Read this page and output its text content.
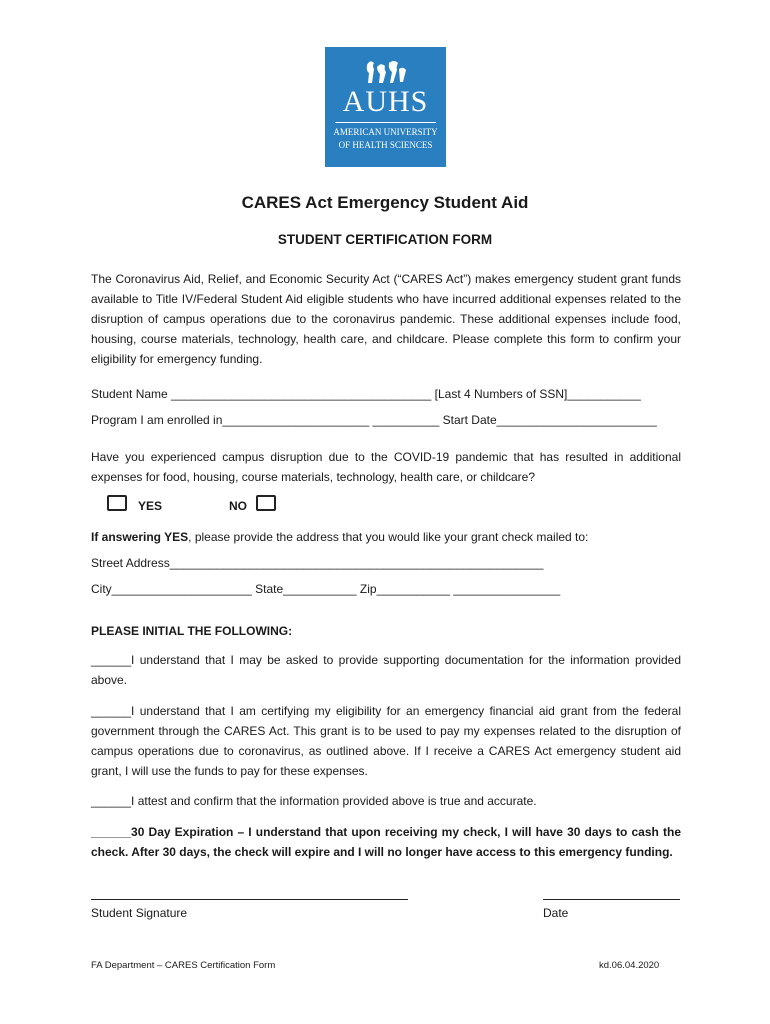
AUHS
AMERICAN UNIVERSITY
OF HEALTH SCIENCES
CARES Act Emergency Student Aid
STUDENT CERTIFICATION FORM
The Coronavirus Aid, Relief, and Economic Security Act (“CARES Act”) makes emergency student grant funds available to Title IV/Federal Student Aid eligible students who have incurred additional expenses related to the disruption of campus operations due to the coronavirus pandemic. These additional expenses include food, housing, course materials, technology, health care, and childcare. Please complete this form to confirm your eligibility for emergency funding.
Student Name _______________________________________ [Last 4 Numbers of SSN]___________
Program I am enrolled in______________________ __________ Start Date________________________
Have you experienced campus disruption due to the COVID-19 pandemic that has resulted in additional expenses for food, housing, course materials, technology, health care, or childcare?
YES	NO
If answering YES, please provide the address that you would like your grant check mailed to:
Street Address________________________________________________________
City_____________________ State___________ Zip___________ ________________
PLEASE INITIAL THE FOLLOWING:
______I understand that I may be asked to provide supporting documentation for the information provided above.
______I understand that I am certifying my eligibility for an emergency financial aid grant from the federal government through the CARES Act. This grant is to be used to pay my expenses related to the disruption of campus operations due to coronavirus, as outlined above. If I receive a CARES Act emergency student aid grant, I will use the funds to pay for these expenses.
______I attest and confirm that the information provided above is true and accurate.
______30 Day Expiration – I understand that upon receiving my check, I will have 30 days to cash the check. After 30 days, the check will expire and I will no longer have access to this emergency funding.
Student Signature	Date
FA Department – CARES Certification Form	kd.06.04.2020
